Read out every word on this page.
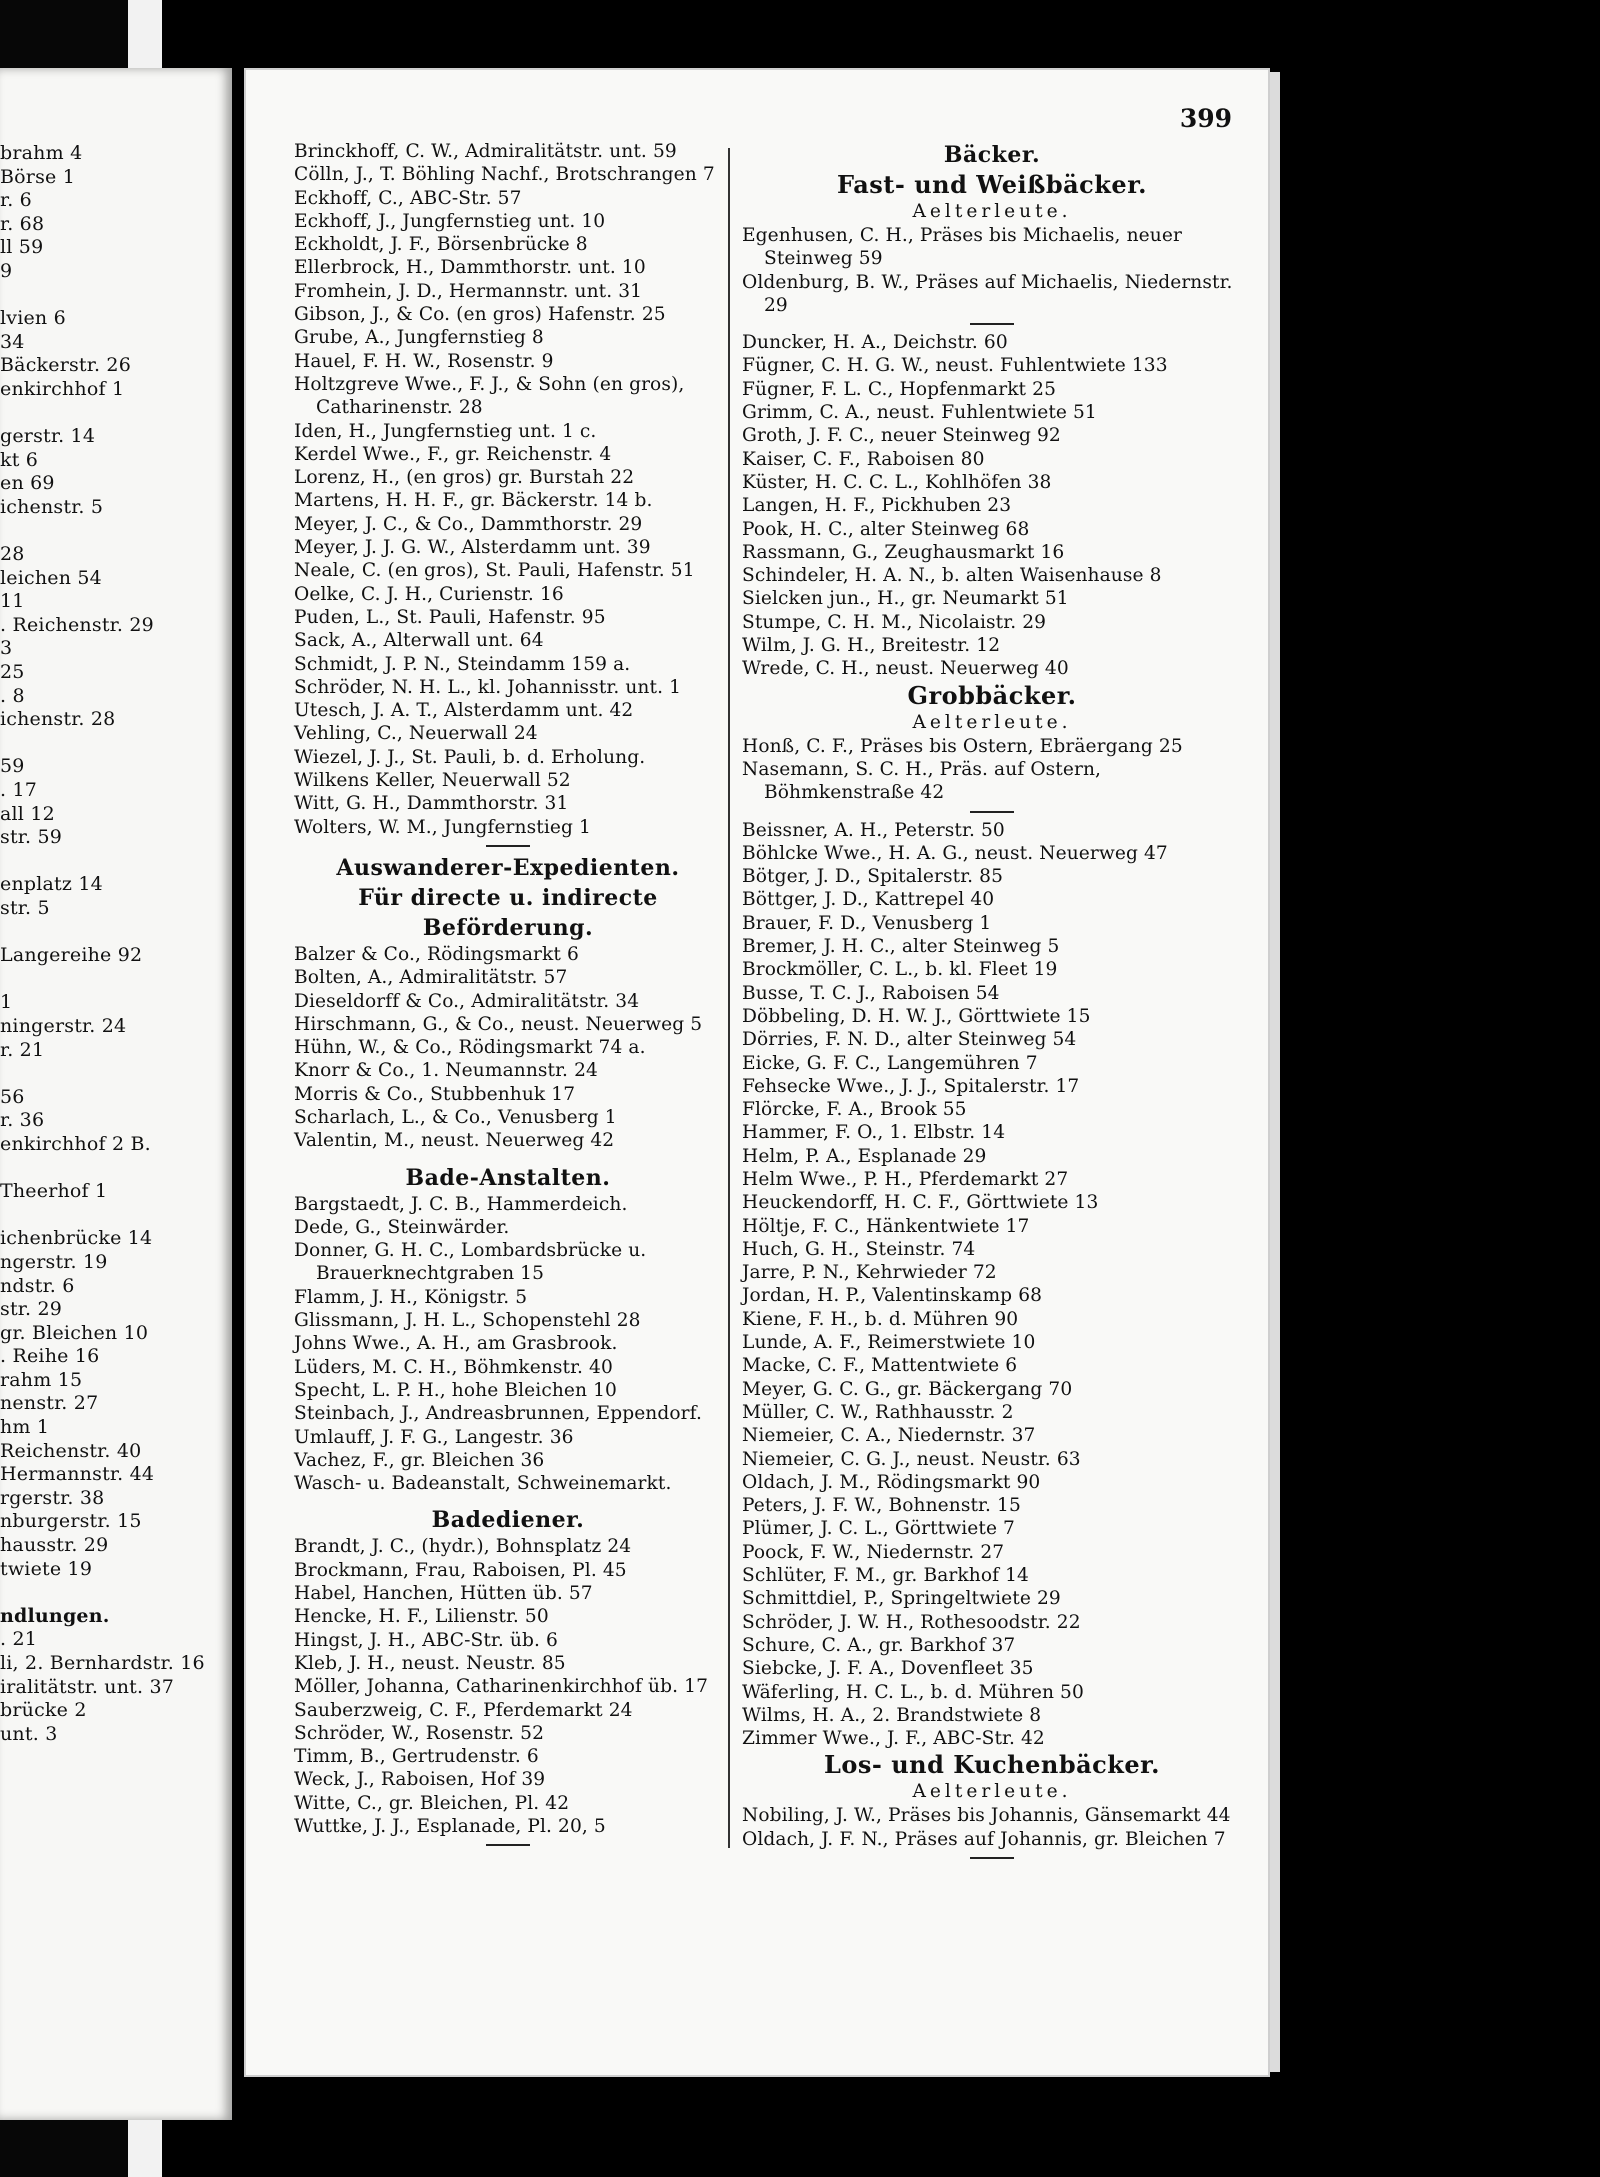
brahm 4
Börse 1
r. 6
r. 68
ll 59
9
lvien 6
34
Bäckerstr. 26
enkirchhof 1
gerstr. 14
kt 6
en 69
ichenstr. 5
28
leichen 54
11
. Reichenstr. 29
3
25
. 8
ichenstr. 28
59
. 17
all 12
str. 59
enplatz 14
str. 5
Langereihe 92
1
ningerstr. 24
r. 21
56
r. 36
enkirchhof 2 B.
Theerhof 1
ichenbrücke 14
ngerstr. 19
ndstr. 6
str. 29
gr. Bleichen 10
. Reihe 16
rahm 15
nenstr. 27
hm 1
Reichenstr. 40
Hermannstr. 44
rgerstr. 38
nburgerstr. 15
hausstr. 29
twiete 19
ndlungen.
. 21
li, 2. Bernhardstr. 16
iralitätstr. unt. 37
brücke 2
unt. 3
399
Brinckhoff, C. W., Admiralitätstr. unt. 59
Cölln, J., T. Böhling Nachf., Brotschrangen 7
Eckhoff, C., ABC-Str. 57
Eckhoff, J., Jungfernstieg unt. 10
Eckholdt, J. F., Börsenbrücke 8
Ellerbrock, H., Dammthorstr. unt. 10
Fromhein, J. D., Hermannstr. unt. 31
Gibson, J., & Co. (en gros) Hafenstr. 25
Grube, A., Jungfernstieg 8
Hauel, F. H. W., Rosenstr. 9
Holtzgreve Wwe., F. J., & Sohn (en gros), Catharinenstr. 28
Iden, H., Jungfernstieg unt. 1 c.
Kerdel Wwe., F., gr. Reichenstr. 4
Lorenz, H., (en gros) gr. Burstah 22
Martens, H. H. F., gr. Bäckerstr. 14 b.
Meyer, J. C., & Co., Dammthorstr. 29
Meyer, J. J. G. W., Alsterdamm unt. 39
Neale, C. (en gros), St. Pauli, Hafenstr. 51
Oelke, C. J. H., Curienstr. 16
Puden, L., St. Pauli, Hafenstr. 95
Sack, A., Alterwall unt. 64
Schmidt, J. P. N., Steindamm 159 a.
Schröder, N. H. L., kl. Johannisstr. unt. 1
Utesch, J. A. T., Alsterdamm unt. 42
Vehling, C., Neuerwall 24
Wiezel, J. J., St. Pauli, b. d. Erholung.
Wilkens Keller, Neuerwall 52
Witt, G. H., Dammthorstr. 31
Wolters, W. M., Jungfernstieg 1
Auswanderer-Expedienten.
Für directe u. indirecte Beförderung.
Balzer & Co., Rödingsmarkt 6
Bolten, A., Admiralitätstr. 57
Dieseldorff & Co., Admiralitätstr. 34
Hirschmann, G., & Co., neust. Neuerweg 5
Hühn, W., & Co., Rödingsmarkt 74 a.
Knorr & Co., 1. Neumannstr. 24
Morris & Co., Stubbenhuk 17
Scharlach, L., & Co., Venusberg 1
Valentin, M., neust. Neuerweg 42
Bade-Anstalten.
Bargstaedt, J. C. B., Hammerdeich.
Dede, G., Steinwärder.
Donner, G. H. C., Lombardsbrücke u. Brauerknechtgraben 15
Flamm, J. H., Königstr. 5
Glissmann, J. H. L., Schopenstehl 28
Johns Wwe., A. H., am Grasbrook.
Lüders, M. C. H., Böhmkenstr. 40
Specht, L. P. H., hohe Bleichen 10
Steinbach, J., Andreasbrunnen, Eppendorf.
Umlauff, J. F. G., Langestr. 36
Vachez, F., gr. Bleichen 36
Wasch- u. Badeanstalt, Schweinemarkt.
Badediener.
Brandt, J. C., (hydr.), Bohnsplatz 24
Brockmann, Frau, Raboisen, Pl. 45
Habel, Hanchen, Hütten üb. 57
Hencke, H. F., Lilienstr. 50
Hingst, J. H., ABC-Str. üb. 6
Kleb, J. H., neust. Neustr. 85
Möller, Johanna, Catharinenkirchhof üb. 17
Sauberzweig, C. F., Pferdemarkt 24
Schröder, W., Rosenstr. 52
Timm, B., Gertrudenstr. 6
Weck, J., Raboisen, Hof 39
Witte, C., gr. Bleichen, Pl. 42
Wuttke, J. J., Esplanade, Pl. 20, 5
Bäcker.
Fast- und Weißbäcker.
Aelterleute.
Egenhusen, C. H., Präses bis Michaelis, neuer Steinweg 59
Oldenburg, B. W., Präses auf Michaelis, Niedernstr. 29
Duncker, H. A., Deichstr. 60
Fügner, C. H. G. W., neust. Fuhlentwiete 133
Fügner, F. L. C., Hopfenmarkt 25
Grimm, C. A., neust. Fuhlentwiete 51
Groth, J. F. C., neuer Steinweg 92
Kaiser, C. F., Raboisen 80
Küster, H. C. C. L., Kohlhöfen 38
Langen, H. F., Pickhuben 23
Pook, H. C., alter Steinweg 68
Rassmann, G., Zeughausmarkt 16
Schindeler, H. A. N., b. alten Waisenhause 8
Sielcken jun., H., gr. Neumarkt 51
Stumpe, C. H. M., Nicolaistr. 29
Wilm, J. G. H., Breitestr. 12
Wrede, C. H., neust. Neuerweg 40
Grobbäcker.
Aelterleute.
Honß, C. F., Präses bis Ostern, Ebräergang 25
Nasemann, S. C. H., Präs. auf Ostern, Böhmkenstraße 42
Beissner, A. H., Peterstr. 50
Böhlcke Wwe., H. A. G., neust. Neuerweg 47
Bötger, J. D., Spitalerstr. 85
Böttger, J. D., Kattrepel 40
Brauer, F. D., Venusberg 1
Bremer, J. H. C., alter Steinweg 5
Brockmöller, C. L., b. kl. Fleet 19
Busse, T. C. J., Raboisen 54
Döbbeling, D. H. W. J., Görttwiete 15
Dörries, F. N. D., alter Steinweg 54
Eicke, G. F. C., Langemühren 7
Fehsecke Wwe., J. J., Spitalerstr. 17
Flörcke, F. A., Brook 55
Hammer, F. O., 1. Elbstr. 14
Helm, P. A., Esplanade 29
Helm Wwe., P. H., Pferdemarkt 27
Heuckendorff, H. C. F., Görttwiete 13
Höltje, F. C., Hänkentwiete 17
Huch, G. H., Steinstr. 74
Jarre, P. N., Kehrwieder 72
Jordan, H. P., Valentinskamp 68
Kiene, F. H., b. d. Mühren 90
Lunde, A. F., Reimerstwiete 10
Macke, C. F., Mattentwiete 6
Meyer, G. C. G., gr. Bäckergang 70
Müller, C. W., Rathhausstr. 2
Niemeier, C. A., Niedernstr. 37
Niemeier, C. G. J., neust. Neustr. 63
Oldach, J. M., Rödingsmarkt 90
Peters, J. F. W., Bohnenstr. 15
Plümer, J. C. L., Görttwiete 7
Poock, F. W., Niedernstr. 27
Schlüter, F. M., gr. Barkhof 14
Schmittdiel, P., Springeltwiete 29
Schröder, J. W. H., Rothesoodstr. 22
Schure, C. A., gr. Barkhof 37
Siebcke, J. F. A., Dovenfleet 35
Wäferling, H. C. L., b. d. Mühren 50
Wilms, H. A., 2. Brandstwiete 8
Zimmer Wwe., J. F., ABC-Str. 42
Los- und Kuchenbäcker.
Aelterleute.
Nobiling, J. W., Präses bis Johannis, Gänsemarkt 44
Oldach, J. F. N., Präses auf Johannis, gr. Bleichen 7
